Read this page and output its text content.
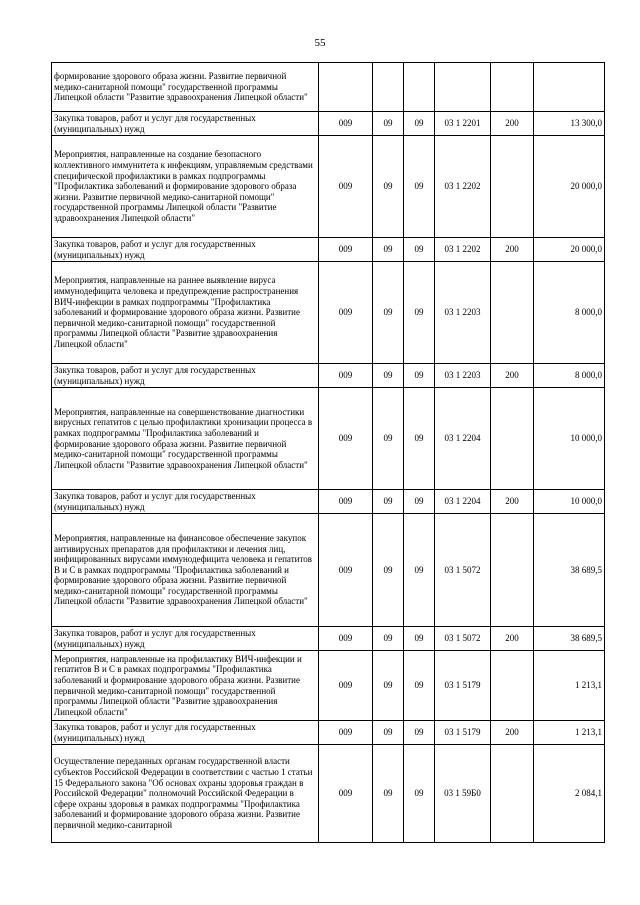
55
формирование здорового образа жизни. Развитие первичной медико-санитарной помощи" государственной программы Липецкой области "Развитие здравоохранения Липецкой области"						
Закупка товаров, работ и услуг для государственных (муниципальных) нужд	009	09	09	03 1 2201	200	13 300,0
Мероприятия, направленные на создание безопасного коллективного иммунитета к инфекциям, управляемым средствами специфической профилактики в рамках подпрограммы "Профилактика заболеваний и формирование здорового образа жизни. Развитие первичной медико-санитарной помощи" государственной программы Липецкой области "Развитие здравоохранения Липецкой области"	009	09	09	03 1 2202		20 000,0
Закупка товаров, работ и услуг для государственных (муниципальных) нужд	009	09	09	03 1 2202	200	20 000,0
Мероприятия, направленные на раннее выявление вируса иммунодефицита человека и предупреждение распространения ВИЧ-инфекции в рамках подпрограммы "Профилактика заболеваний и формирование здорового образа жизни. Развитие первичной медико-санитарной помощи" государственной программы Липецкой области "Развитие здравоохранения Липецкой области"	009	09	09	03 1 2203		8 000,0
Закупка товаров, работ и услуг для государственных (муниципальных) нужд	009	09	09	03 1 2203	200	8 000,0
Мероприятия, направленные на совершенствование диагностики вирусных гепатитов с целью профилактики хронизации процесса в рамках подпрограммы "Профилактика заболеваний и формирование здорового образа жизни. Развитие первичной медико-санитарной помощи" государственной программы Липецкой области "Развитие здравоохранения Липецкой области"	009	09	09	03 1 2204		10 000,0
Закупка товаров, работ и услуг для государственных (муниципальных) нужд	009	09	09	03 1 2204	200	10 000,0
Мероприятия, направленные на финансовое обеспечение закупок антивирусных препаратов для профилактики и лечения лиц, инфицированных вирусами иммунодефицита человека и гепатитов В и С в рамках подпрограммы "Профилактика заболеваний и формирование здорового образа жизни. Развитие первичной медико-санитарной помощи" государственной программы Липецкой области "Развитие здравоохранения Липецкой области"	009	09	09	03 1 5072		38 689,5
Закупка товаров, работ и услуг для государственных (муниципальных) нужд	009	09	09	03 1 5072	200	38 689,5
Мероприятия, направленные на профилактику ВИЧ-инфекции и гепатитов В и С в рамках подпрограммы "Профилактика заболеваний и формирование здорового образа жизни. Развитие первичной медико-санитарной помощи" государственной программы Липецкой области "Развитие здравоохранения Липецкой области"	009	09	09	03 1 5179		1 213,1
Закупка товаров, работ и услуг для государственных (муниципальных) нужд	009	09	09	03 1 5179	200	1 213,1
Осуществление переданных органам государственной власти субъектов Российской Федерации в соответствии с частью 1 статьи 15 Федерального закона "Об основах охраны здоровья граждан в Российской Федерации" полномочий Российской Федерации в сфере охраны здоровья в рамках подпрограммы "Профилактика заболеваний и формирование здорового образа жизни. Развитие первичной медико-санитарной	009	09	09	03 1 59Б0		2 084,1
